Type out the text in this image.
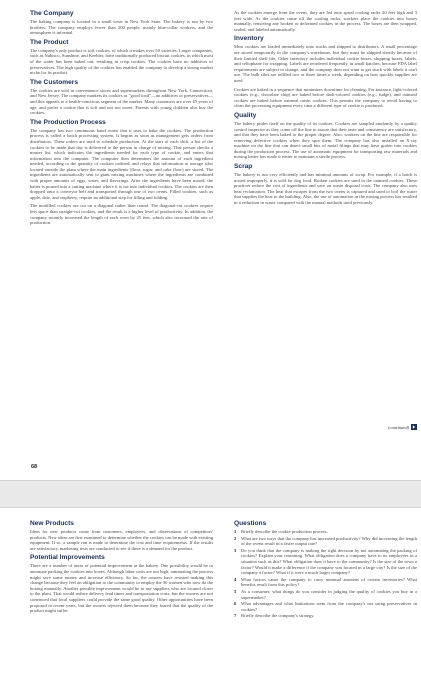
The Company

The baking company is located in a small town in New York State. The bakery is run by two brothers. The company employs fewer than 200 people, mainly blue-collar workers, and the atmosphere is informal.

The Product

The company's only product is soft cookies, of which it makes over 50 varieties. Larger companies, such as Nabisco, Sunshine, and Keebler, have traditionally produced biscuit cookies, in which most of the water has been baked out, resulting in crisp cookies. The cookies have no additives or preservatives. The high quality of the cookies has enabled the company to develop a strong market niche for its product.

The Customers

The cookies are sold in convenience stores and supermarkets throughout New York, Connecticut, and New Jersey. The company markets its cookies as "good food"—no additives or preservatives—and this appeals to a health-conscious segment of the market. Many customers are over 45 years of age, and prefer a cookie that is soft and not too sweet. Parents with young children also buy the cookies.

The Production Process

The company has two continuous band ovens that it uses to bake the cookies. The production process is called a batch processing system. It begins as soon as management gets orders from distributors. These orders are used to schedule production. At the start of each shift, a list of the cookies to be made that day is delivered to the person in charge of mixing. That person checks a master list, which indicates the ingredients needed for each type of cookie, and enters that information into the computer. The computer then determines the amount of each ingredient needed, according to the quantity of cookies ordered, and relays that information to storage silos located outside the plant where the main ingredients (flour, sugar, and cake flour) are stored. The ingredients are automatically sent to giant mixing machines where the ingredients are combined with proper amounts of eggs, water, and flavorings. After the ingredients have been mixed, the batter is poured into a cutting machine where it is cut into individual cookies. The cookies are then dropped onto a conveyor belt and transported through one of two ovens. Filled cookies, such as apple, date, and raspberry, require an additional step for filling and folding.

The nonfilled cookies are cut on a diagonal rather than round. The diagonal-cut cookies require less space than straight-cut cookies, and the result is a higher level of productivity. In addition, the company recently increased the length of each oven by 25 feet, which also increased the rate of production.

As the cookies emerge from the ovens, they are fed onto spiral cooling racks 20 feet high and 3 feet wide. As the cookies come off the cooling racks, workers place the cookies into boxes manually, removing any broken or deformed cookies in the process. The boxes are then wrapped, sealed, and labeled automatically.

Inventory

Most cookies are loaded immediately onto trucks and shipped to distributors. A small percentage are stored temporarily in the company's warehouse, but they must be shipped shortly because of their limited shelf life. Other inventory includes individual cookie boxes, shipping boxes, labels, and cellophane for wrapping. Labels are reordered frequently, in small batches, because FDA label requirements are subject to change, and the company does not want to get stuck with labels it can't use. The bulk silos are refilled two or three times a week, depending on how quickly supplies are used.

Cookies are baked in a sequence that minimizes downtime for cleaning. For instance, light-colored cookies (e.g., chocolate chip) are baked before dark-colored cookies (e.g., fudge), and oatmeal cookies are baked before oatmeal raisin cookies. This permits the company to avoid having to clean the processing equipment every time a different type of cookie is produced.

Quality

The bakery prides itself on the quality of its cookies. Cookies are sampled randomly by a quality control inspector as they come off the line to assure that their taste and consistency are satisfactory, and that they have been baked to the proper degree. Also, workers on the line are responsible for removing defective cookies when they spot them. The company has also installed an X-ray machine on the line that can detect small bits of metal filings that may have gotten into cookies during the production process. The use of automatic equipment for transporting raw materials and mixing batter has made it easier to maintain a sterile process.

Scrap

The bakery is run very efficiently and has minimal amounts of scrap. For example, if a batch is mixed improperly, it is sold for dog food. Broken cookies are used in the oatmeal cookies. These practices reduce the cost of ingredients and save on waste disposal costs. The company also uses heat reclamation: The heat that escapes from the two ovens is captured and used to boil the water that supplies the heat to the building. Also, the use of automation in the mixing process has resulted in a reduction in waste compared with the manual methods used previously.

(continued)
68
New Products

Ideas for new products come from customers, employees, and observations of competitors' products. New ideas are first examined to determine whether the cookies can be made with existing equipment. If so, a sample run is made to determine the cost and time requirements. If the results are satisfactory, marketing tests are conducted to see if there is a demand for the product.

Potential Improvements

There are a number of areas of potential improvement at the bakery. One possibility would be to automate packing the cookies into boxes. Although labor costs are not high, automating the process might save some money and increase efficiency. So far, the owners have resisted making this change because they feel an obligation to the community to employ the 30 women who now do the boxing manually. Another possible improvement would be to use suppliers who are located closer to the plant. That would reduce delivery lead times and transportation costs, but the owners are not convinced that local suppliers could provide the same good quality. Other opportunities have been proposed in recent years, but the owners rejected them because they feared that the quality of the product might suffer.

Questions
1	Briefly describe the cookie production process.
2	What are two ways that the company has increased productivity? Why did increasing the length of the ovens result in a faster output rate?
3	Do you think that the company is making the right decision by not automating the packing of cookies? Explain your reasoning. What obligation does a company have to its employees in a situation such as this? What obligation does it have to the community? Is the size of the town a factor? Would it make a difference if the company was located in a large city? Is the size of the company a factor? What if it were a much larger company?
4	What factors cause the company to carry minimal amounts of certain inventories? What benefits result from this policy?
5	As a consumer, what things do you consider in judging the quality of cookies you buy in a supermarket?
6	What advantages and what limitations stem from the company's not using preservatives in cookies?
7	Briefly describe the company's strategy.
